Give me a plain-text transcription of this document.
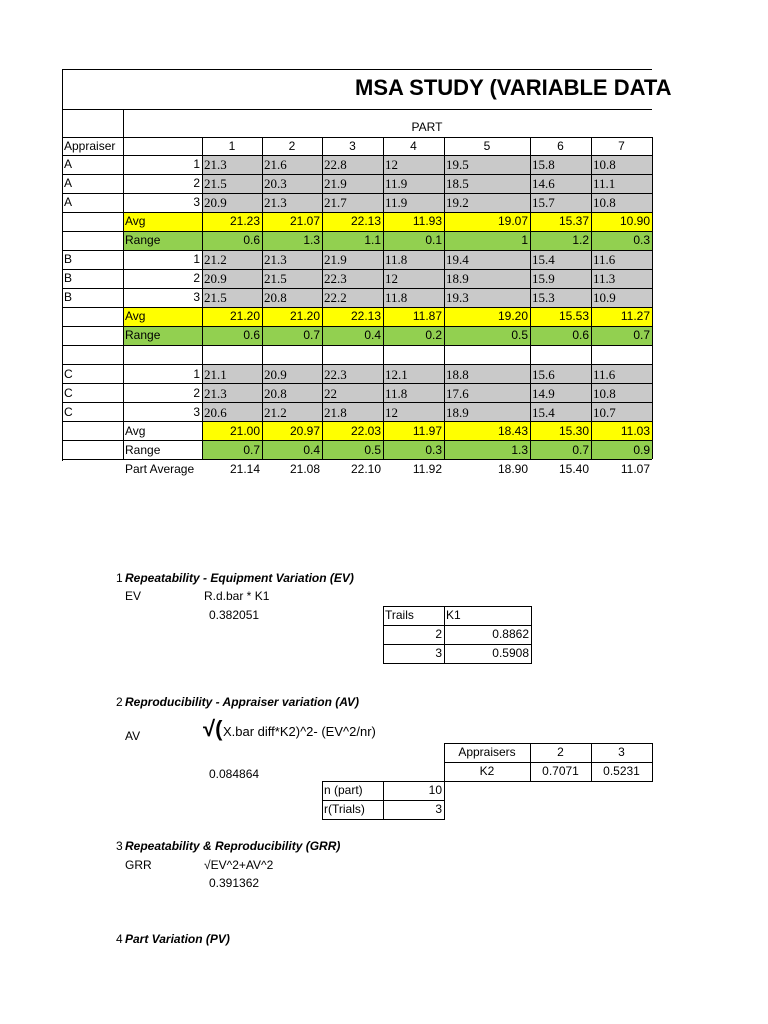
MSA STUDY (VARIABLE DATA
PART
Appraiser	1	2	3	4	5	6	7
A	1 21.3	21.6	22.8	12	19.5	15.8	10.8
A	2 21.5	20.3	21.9	11.9	18.5	14.6	11.1
A	3 20.9	21.3	21.7	11.9	19.2	15.7	10.8
Avg	21.23	21.07	22.13	11.93	19.07	15.37	10.90
Range	0.6	1.3	1.1	0.1	1	1.2	0.3
B	1 21.2	21.3	21.9	11.8	19.4	15.4	11.6
B	2 20.9	21.5	22.3	12	18.9	15.9	11.3
B	3 21.5	20.8	22.2	11.8	19.3	15.3	10.9
Avg	21.20	21.20	22.13	11.87	19.20	15.53	11.27
Range	0.6	0.7	0.4	0.2	0.5	0.6	0.7
C	1 21.1	20.9	22.3	12.1	18.8	15.6	11.6
C	2 21.3	20.8	22	11.8	17.6	14.9	10.8
C	3 20.6	21.2	21.8	12	18.9	15.4	10.7
Avg	21.00	20.97	22.03	11.97	18.43	15.30	11.03
Range	0.7	0.4	0.5	0.3	1.3	0.7	0.9
Part Average	21.14	21.08	22.10	11.92	18.90	15.40	11.07
1 Repeatability - Equipment Variation (EV)
EV	R.d.bar * K1
0.382051	Trails	K1
2	0.8862
3	0.5908
2 Reproducibility - Appraiser variation (AV)
AV	√( X.bar diff*K2)^2- (EV^2/nr)
0.084864
Appraisers	2	3
K2	0.7071	0.5231
n (part)	10
r(Trials)	3
3 Repeatability & Reproducibility (GRR)
GRR	√EV^2+AV^2
0.391362
4 Part Variation (PV)
